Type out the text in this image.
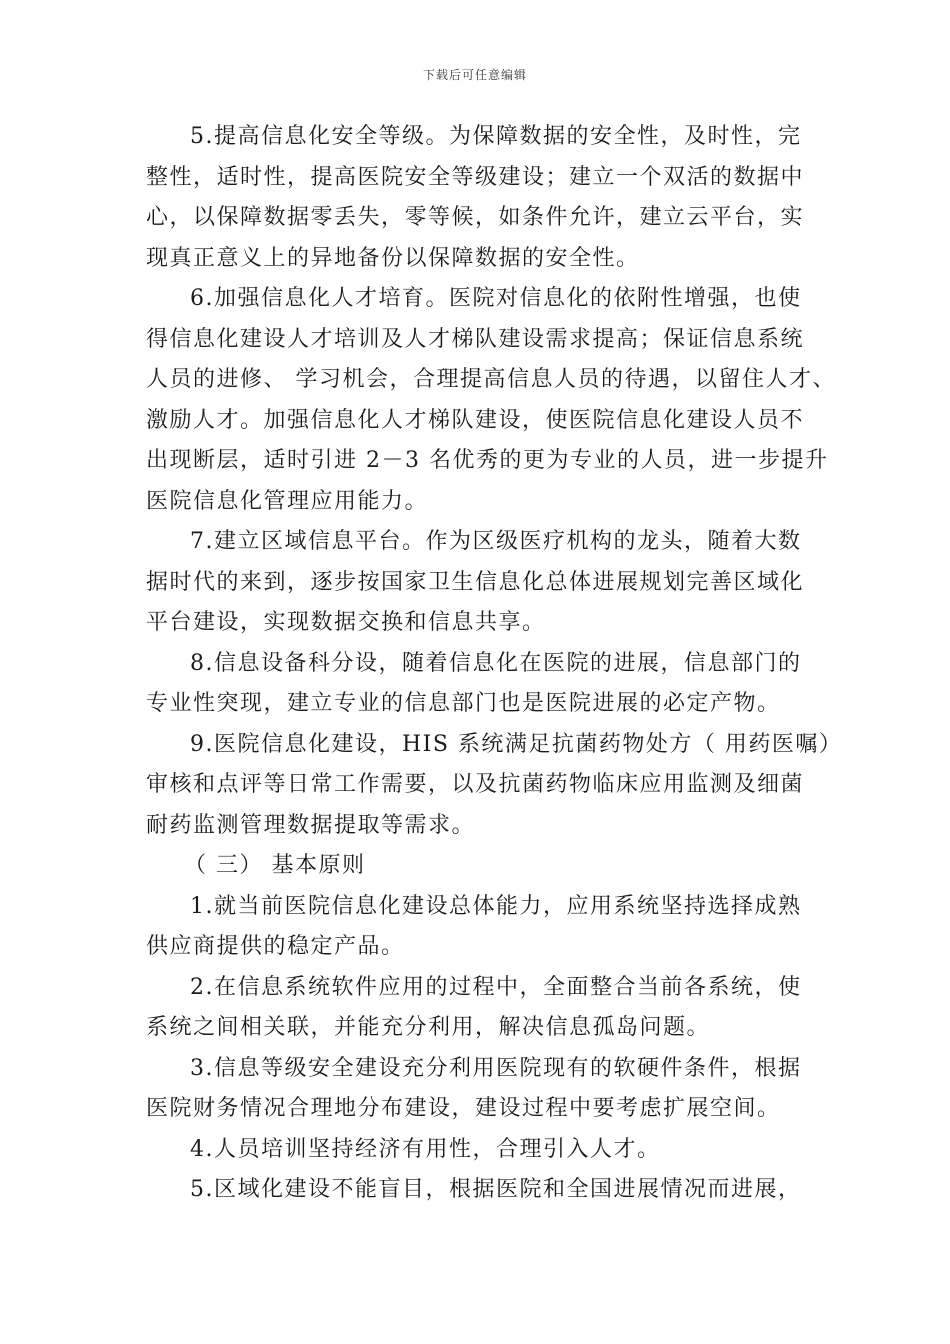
下载后可任意编辑
5.提高信息化安全等级。为保障数据的安全性，及时性，完
整性，适时性，提高医院安全等级建设；建立一个双活的数据中
心，以保障数据零丢失，零等候，如条件允许，建立云平台，实
现真正意义上的异地备份以保障数据的安全性。
6.加强信息化人才培育。医院对信息化的依附性增强，也使
得信息化建设人才培训及人才梯队建设需求提高；保证信息系统
人员的进修、 学习机会，合理提高信息人员的待遇，以留住人才、
激励人才。加强信息化人才梯队建设，使医院信息化建设人员不
出现断层，适时引进 2－3 名优秀的更为专业的人员，进一步提升
医院信息化管理应用能力。
7.建立区域信息平台。作为区级医疗机构的龙头，随着大数
据时代的来到，逐步按国家卫生信息化总体进展规划完善区域化
平台建设，实现数据交换和信息共享。
8.信息设备科分设，随着信息化在医院的进展，信息部门的
专业性突现，建立专业的信息部门也是医院进展的必定产物。
9.医院信息化建设，HIS 系统满足抗菌药物处方（ 用药医嘱）
审核和点评等日常工作需要，以及抗菌药物临床应用监测及细菌
耐药监测管理数据提取等需求。
（ 三） 基本原则
1.就当前医院信息化建设总体能力，应用系统坚持选择成熟
供应商提供的稳定产品。
2.在信息系统软件应用的过程中，全面整合当前各系统，使
系统之间相关联，并能充分利用，解决信息孤岛问题。
3.信息等级安全建设充分利用医院现有的软硬件条件，根据
医院财务情况合理地分布建设，建设过程中要考虑扩展空间。
4.人员培训坚持经济有用性，合理引入人才。
5.区域化建设不能盲目，根据医院和全国进展情况而进展，
